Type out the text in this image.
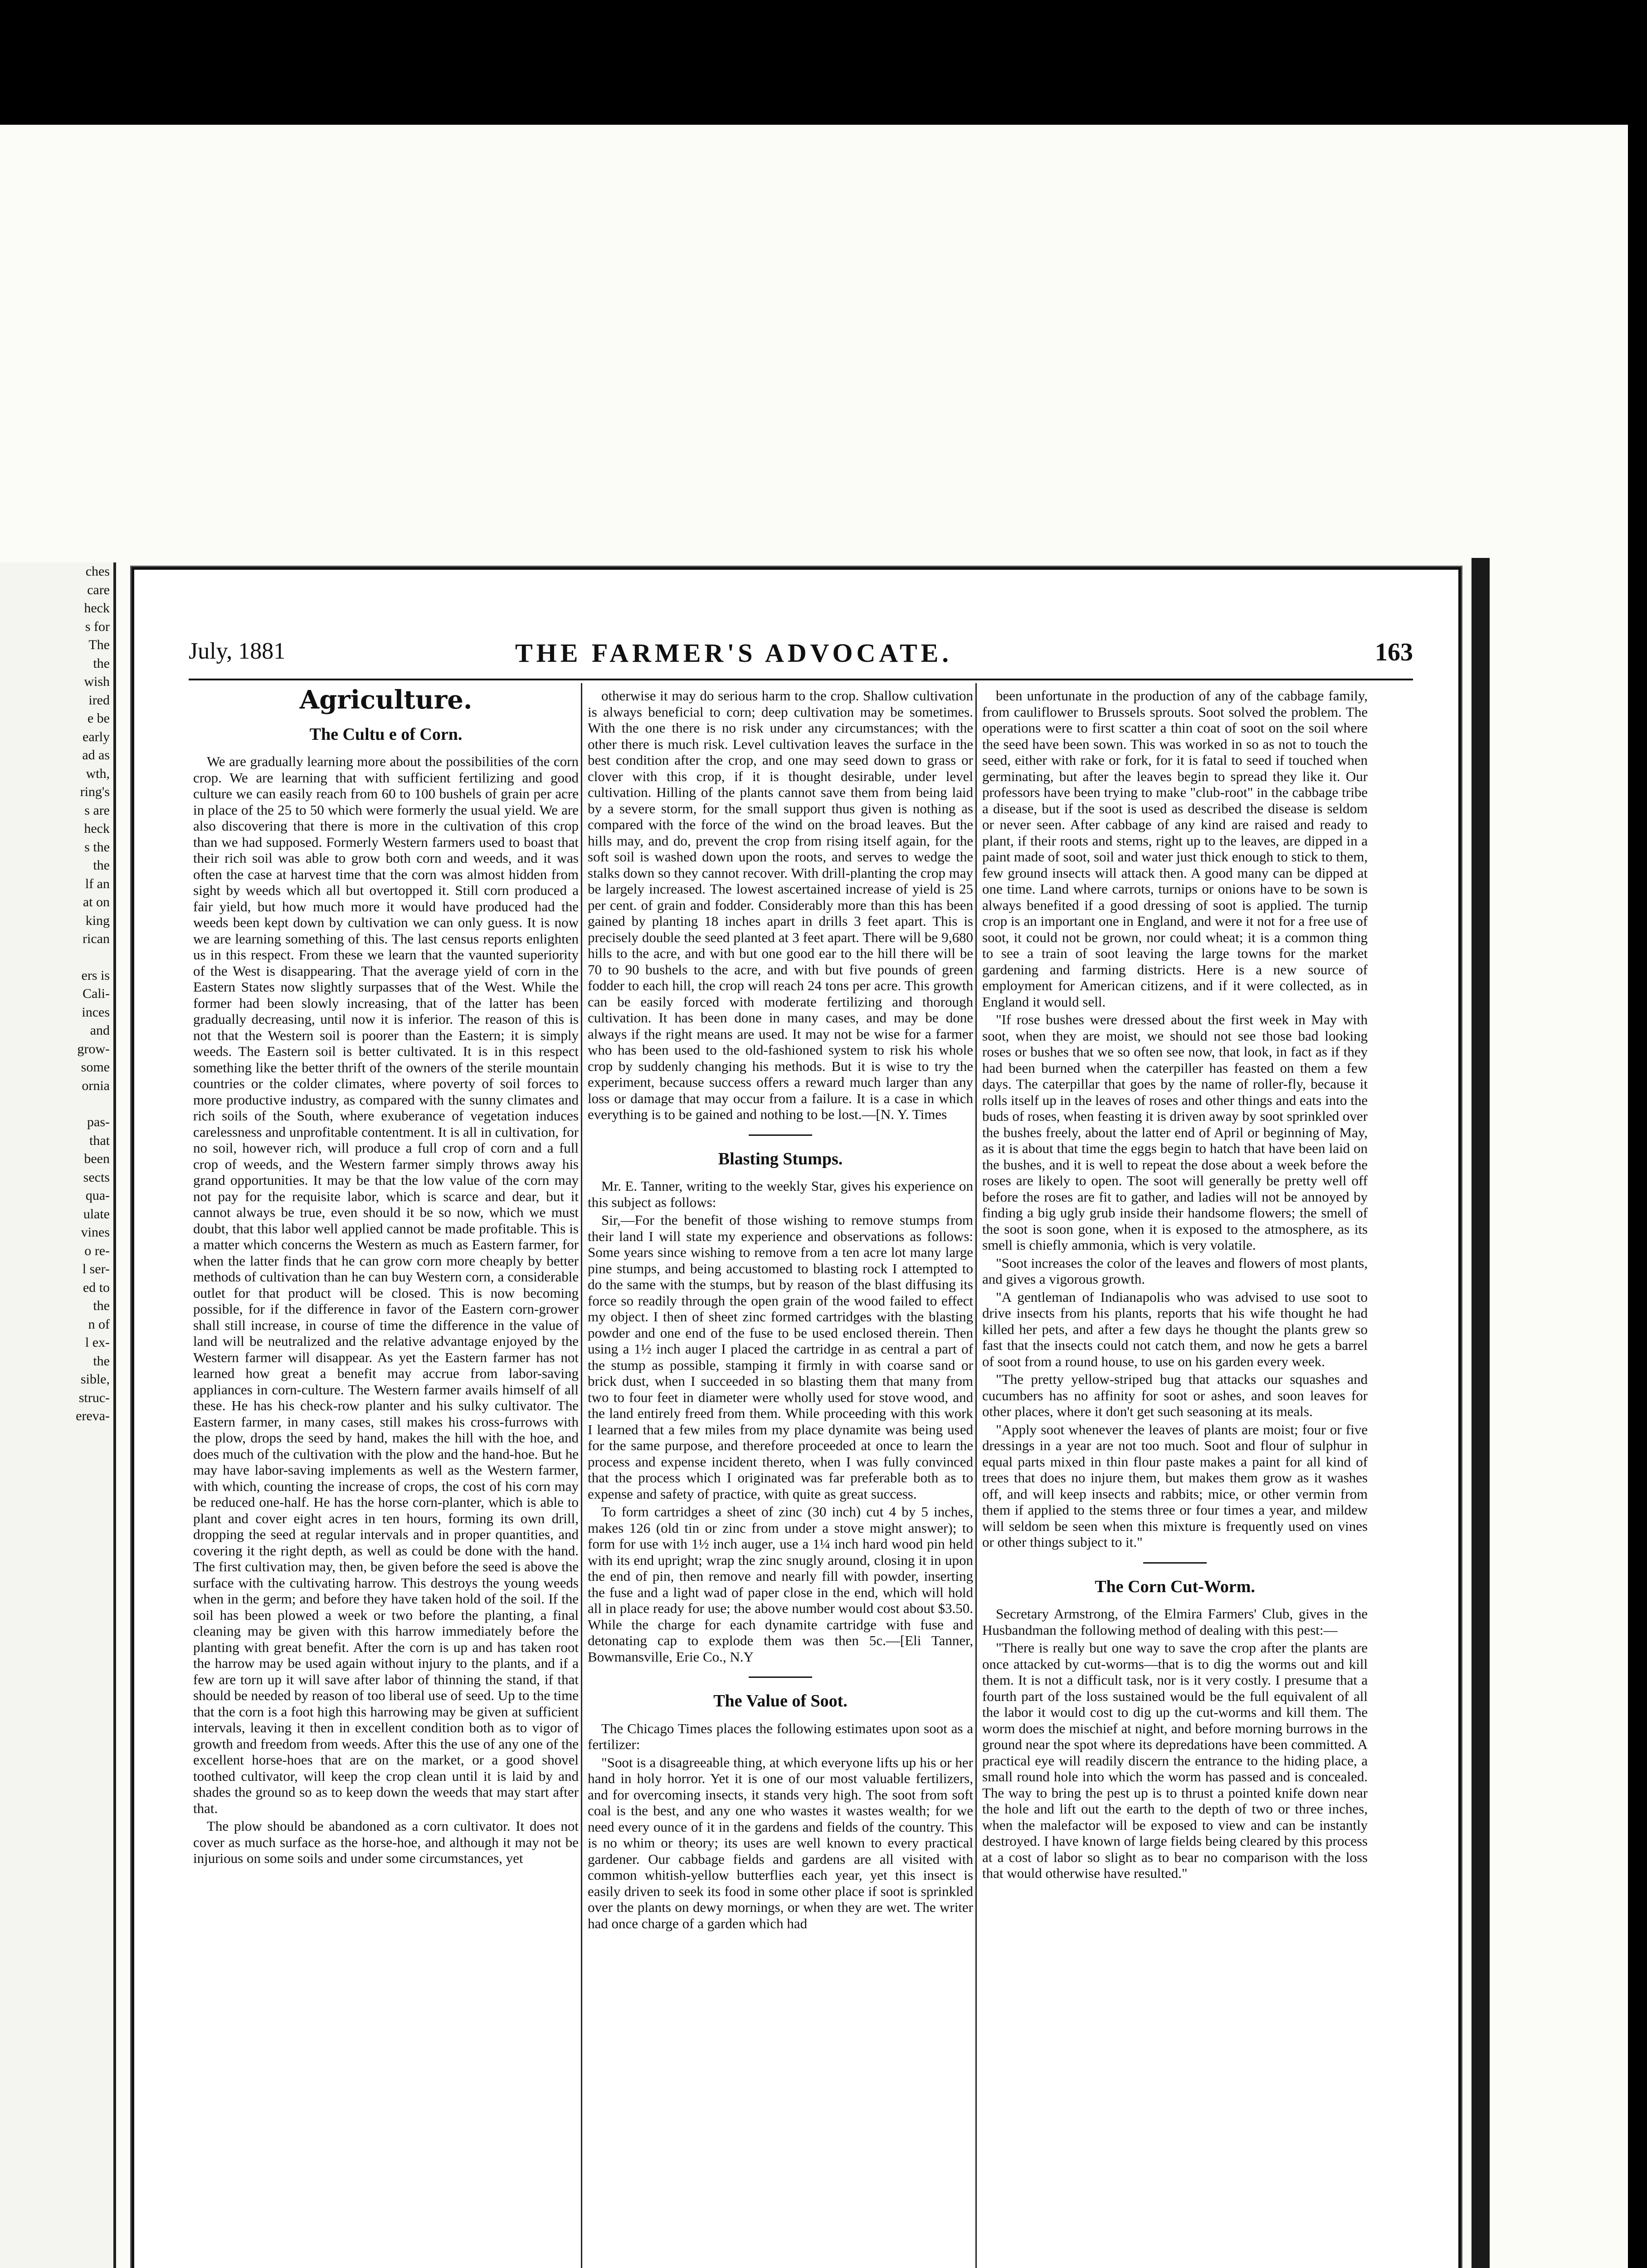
ches

care

heck

s for

The

the

wish

ired

e be

early

ad as

wth,

ring's

s are

heck

s the

the

lf an

at on

king

rican

ers is

Cali-

inces

and

grow-

some

ornia

pas-

that

been

sects

qua-

ulate

vines

o re-

l ser-

ed to

the

n of

l ex-

the

sible,

struc-

ereva-

July, 1881	THE FARMER'S ADVOCATE.	163
Agriculture.
The Cultu e of Corn.

We are gradually learning more about the possibilities of the corn crop. We are learning that with sufficient fertilizing and good culture we can easily reach from 60 to 100 bushels of grain per acre in place of the 25 to 50 which were formerly the usual yield. We are also discovering that there is more in the cultivation of this crop than we had supposed. Formerly Western farmers used to boast that their rich soil was able to grow both corn and weeds, and it was often the case at harvest time that the corn was almost hidden from sight by weeds which all but overtopped it. Still corn produced a fair yield, but how much more it would have produced had the weeds been kept down by cultivation we can only guess. It is now we are learning something of this. The last census reports enlighten us in this respect. From these we learn that the vaunted superiority of the West is disappearing. That the average yield of corn in the Eastern States now slightly surpasses that of the West. While the former had been slowly increasing, that of the latter has been gradually decreasing, until now it is inferior. The reason of this is not that the Western soil is poorer than the Eastern; it is simply weeds. The Eastern soil is better cultivated. It is in this respect something like the better thrift of the owners of the sterile mountain countries or the colder climates, where poverty of soil forces to more productive industry, as compared with the sunny climates and rich soils of the South, where exuberance of vegetation induces carelessness and unprofitable contentment. It is all in cultivation, for no soil, however rich, will produce a full crop of corn and a full crop of weeds, and the Western farmer simply throws away his grand opportunities. It may be that the low value of the corn may not pay for the requisite labor, which is scarce and dear, but it cannot always be true, even should it be so now, which we must doubt, that this labor well applied cannot be made profitable. This is a matter which concerns the Western as much as Eastern farmer, for when the latter finds that he can grow corn more cheaply by better methods of cultivation than he can buy Western corn, a considerable outlet for that product will be closed. This is now becoming possible, for if the difference in favor of the Eastern corn-grower shall still increase, in course of time the difference in the value of land will be neutralized and the relative advantage enjoyed by the Western farmer will disappear. As yet the Eastern farmer has not learned how great a benefit may accrue from labor-saving appliances in corn-culture. The Western farmer avails himself of all these. He has his check-row planter and his sulky cultivator. The Eastern farmer, in many cases, still makes his cross-furrows with the plow, drops the seed by hand, makes the hill with the hoe, and does much of the cultivation with the plow and the hand-hoe. But he may have labor-saving implements as well as the Western farmer, with which, counting the increase of crops, the cost of his corn may be reduced one-half. He has the horse corn-planter, which is able to plant and cover eight acres in ten hours, forming its own drill, dropping the seed at regular intervals and in proper quantities, and covering it the right depth, as well as could be done with the hand. The first cultivation may, then, be given before the seed is above the surface with the cultivating harrow. This destroys the young weeds when in the germ; and before they have taken hold of the soil. If the soil has been plowed a week or two before the planting, a final cleaning may be given with this harrow immediately before the planting with great benefit. After the corn is up and has taken root the harrow may be used again without injury to the plants, and if a few are torn up it will save after labor of thinning the stand, if that should be needed by reason of too liberal use of seed. Up to the time that the corn is a foot high this harrowing may be given at sufficient intervals, leaving it then in excellent condition both as to vigor of growth and freedom from weeds. After this the use of any one of the excellent horse-hoes that are on the market, or a good shovel toothed cultivator, will keep the crop clean until it is laid by and shades the ground so as to keep down the weeds that may start after that.

The plow should be abandoned as a corn cultivator. It does not cover as much surface as the horse-hoe, and although it may not be injurious on some soils and under some circumstances, yet

otherwise it may do serious harm to the crop. Shallow cultivation is always beneficial to corn; deep cultivation may be sometimes. With the one there is no risk under any circumstances; with the other there is much risk. Level cultivation leaves the surface in the best condition after the crop, and one may seed down to grass or clover with this crop, if it is thought desirable, under level cultivation. Hilling of the plants cannot save them from being laid by a severe storm, for the small support thus given is nothing as compared with the force of the wind on the broad leaves. But the hills may, and do, prevent the crop from rising itself again, for the soft soil is washed down upon the roots, and serves to wedge the stalks down so they cannot recover. With drill-planting the crop may be largely increased. The lowest ascertained increase of yield is 25 per cent. of grain and fodder. Considerably more than this has been gained by planting 18 inches apart in drills 3 feet apart. This is precisely double the seed planted at 3 feet apart. There will be 9,680 hills to the acre, and with but one good ear to the hill there will be 70 to 90 bushels to the acre, and with but five pounds of green fodder to each hill, the crop will reach 24 tons per acre. This growth can be easily forced with moderate fertilizing and thorough cultivation. It has been done in many cases, and may be done always if the right means are used. It may not be wise for a farmer who has been used to the old-fashioned system to risk his whole crop by suddenly changing his methods. But it is wise to try the experiment, because success offers a reward much larger than any loss or damage that may occur from a failure. It is a case in which everything is to be gained and nothing to be lost.—[N. Y. Times

Blasting Stumps.

Mr. E. Tanner, writing to the weekly Star, gives his experience on this subject as follows:

Sir,—For the benefit of those wishing to remove stumps from their land I will state my experience and observations as follows: Some years since wishing to remove from a ten acre lot many large pine stumps, and being accustomed to blasting rock I attempted to do the same with the stumps, but by reason of the blast diffusing its force so readily through the open grain of the wood failed to effect my object. I then of sheet zinc formed cartridges with the blasting powder and one end of the fuse to be used enclosed therein. Then using a 1½ inch auger I placed the cartridge in as central a part of the stump as possible, stamping it firmly in with coarse sand or brick dust, when I succeeded in so blasting them that many from two to four feet in diameter were wholly used for stove wood, and the land entirely freed from them. While proceeding with this work I learned that a few miles from my place dynamite was being used for the same purpose, and therefore proceeded at once to learn the process and expense incident thereto, when I was fully convinced that the process which I originated was far preferable both as to expense and safety of practice, with quite as great success.

To form cartridges a sheet of zinc (30 inch) cut 4 by 5 inches, makes 126 (old tin or zinc from under a stove might answer); to form for use with 1½ inch auger, use a 1¼ inch hard wood pin held with its end upright; wrap the zinc snugly around, closing it in upon the end of pin, then remove and nearly fill with powder, inserting the fuse and a light wad of paper close in the end, which will hold all in place ready for use; the above number would cost about $3.50. While the charge for each dynamite cartridge with fuse and detonating cap to explode them was then 5c.—[Eli Tanner, Bowmansville, Erie Co., N.Y

The Value of Soot.

The Chicago Times places the following estimates upon soot as a fertilizer:

"Soot is a disagreeable thing, at which everyone lifts up his or her hand in holy horror. Yet it is one of our most valuable fertilizers, and for overcoming insects, it stands very high. The soot from soft coal is the best, and any one who wastes it wastes wealth; for we need every ounce of it in the gardens and fields of the country. This is no whim or theory; its uses are well known to every practical gardener. Our cabbage fields and gardens are all visited with common whitish-yellow butterflies each year, yet this insect is easily driven to seek its food in some other place if soot is sprinkled over the plants on dewy mornings, or when they are wet. The writer had once charge of a garden which had

been unfortunate in the production of any of the cabbage family, from cauliflower to Brussels sprouts. Soot solved the problem. The operations were to first scatter a thin coat of soot on the soil where the seed have been sown. This was worked in so as not to touch the seed, either with rake or fork, for it is fatal to seed if touched when germinating, but after the leaves begin to spread they like it. Our professors have been trying to make "club-root" in the cabbage tribe a disease, but if the soot is used as described the disease is seldom or never seen. After cabbage of any kind are raised and ready to plant, if their roots and stems, right up to the leaves, are dipped in a paint made of soot, soil and water just thick enough to stick to them, few ground insects will attack then. A good many can be dipped at one time. Land where carrots, turnips or onions have to be sown is always benefited if a good dressing of soot is applied. The turnip crop is an important one in England, and were it not for a free use of soot, it could not be grown, nor could wheat; it is a common thing to see a train of soot leaving the large towns for the market gardening and farming districts. Here is a new source of employment for American citizens, and if it were collected, as in England it would sell.

"If rose bushes were dressed about the first week in May with soot, when they are moist, we should not see those bad looking roses or bushes that we so often see now, that look, in fact as if they had been burned when the caterpiller has feasted on them a few days. The caterpillar that goes by the name of roller-fly, because it rolls itself up in the leaves of roses and other things and eats into the buds of roses, when feasting it is driven away by soot sprinkled over the bushes freely, about the latter end of April or beginning of May, as it is about that time the eggs begin to hatch that have been laid on the bushes, and it is well to repeat the dose about a week before the roses are likely to open. The soot will generally be pretty well off before the roses are fit to gather, and ladies will not be annoyed by finding a big ugly grub inside their handsome flowers; the smell of the soot is soon gone, when it is exposed to the atmosphere, as its smell is chiefly ammonia, which is very volatile.

"Soot increases the color of the leaves and flowers of most plants, and gives a vigorous growth.

"A gentleman of Indianapolis who was advised to use soot to drive insects from his plants, reports that his wife thought he had killed her pets, and after a few days he thought the plants grew so fast that the insects could not catch them, and now he gets a barrel of soot from a round house, to use on his garden every week.

"The pretty yellow-striped bug that attacks our squashes and cucumbers has no affinity for soot or ashes, and soon leaves for other places, where it don't get such seasoning at its meals.

"Apply soot whenever the leaves of plants are moist; four or five dressings in a year are not too much. Soot and flour of sulphur in equal parts mixed in thin flour paste makes a paint for all kind of trees that does no injure them, but makes them grow as it washes off, and will keep insects and rabbits; mice, or other vermin from them if applied to the stems three or four times a year, and mildew will seldom be seen when this mixture is frequently used on vines or other things subject to it."

The Corn Cut-Worm.

Secretary Armstrong, of the Elmira Farmers' Club, gives in the Husbandman the following method of dealing with this pest:—

"There is really but one way to save the crop after the plants are once attacked by cut-worms—that is to dig the worms out and kill them. It is not a difficult task, nor is it very costly. I presume that a fourth part of the loss sustained would be the full equivalent of all the labor it would cost to dig up the cut-worms and kill them. The worm does the mischief at night, and before morning burrows in the ground near the spot where its depredations have been committed. A practical eye will readily discern the entrance to the hiding place, a small round hole into which the worm has passed and is concealed. The way to bring the pest up is to thrust a pointed knife down near the hole and lift out the earth to the depth of two or three inches, when the malefactor will be exposed to view and can be instantly destroyed. I have known of large fields being cleared by this process at a cost of labor so slight as to bear no comparison with the loss that would otherwise have resulted."
